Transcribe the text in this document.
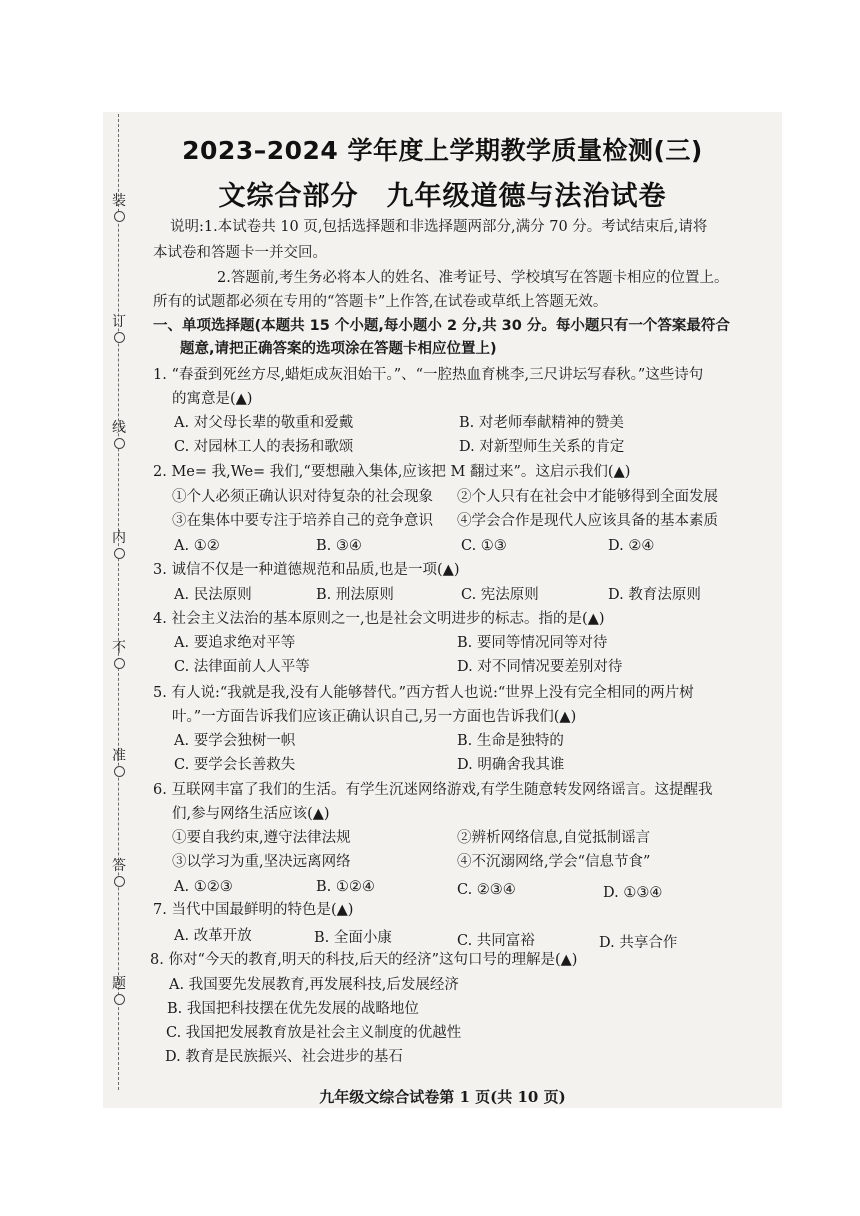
装
订
线
内
不
准
答
题
2023–2024 学年度上学期教学质量检测(三)
文综合部分 九年级道德与法治试卷
说明:1.本试卷共 10 页,包括选择题和非选择题两部分,满分 70 分。考试结束后,请将
本试卷和答题卡一并交回。
2.答题前,考生务必将本人的姓名、准考证号、学校填写在答题卡相应的位置上。
所有的试题都必须在专用的“答题卡”上作答,在试卷或草纸上答题无效。
一、单项选择题(本题共 15 个小题,每小题小 2 分,共 30 分。每小题只有一个答案最符合
题意,请把正确答案的选项涂在答题卡相应位置上)
1. “春蚕到死丝方尽,蜡炬成灰泪始干。”、“一腔热血育桃李,三尺讲坛写春秋。”这些诗句
的寓意是(▲)
A. 对父母长辈的敬重和爱戴	B. 对老师奉献精神的赞美
C. 对园林工人的表扬和歌颂	D. 对新型师生关系的肯定
2. Me= 我,We= 我们,“要想融入集体,应该把 M 翻过来”。这启示我们(▲)
①个人必须正确认识对待复杂的社会现象 ②个人只有在社会中才能够得到全面发展
③在集体中要专注于培养自己的竞争意识 ④学会合作是现代人应该具备的基本素质
A. ①②	B. ③④	C. ①③	D. ②④
3. 诚信不仅是一种道德规范和品质,也是一项(▲)
A. 民法原则	B. 刑法原则	C. 宪法原则	D. 教育法原则
4. 社会主义法治的基本原则之一,也是社会文明进步的标志。指的是(▲)
A. 要追求绝对平等	B. 要同等情况同等对待
C. 法律面前人人平等	D. 对不同情况要差别对待
5. 有人说:“我就是我,没有人能够替代。”西方哲人也说:“世界上没有完全相同的两片树
叶。”一方面告诉我们应该正确认识自己,另一方面也告诉我们(▲)
A. 要学会独树一帜	B. 生命是独特的
C. 要学会长善救失	D. 明确舍我其谁
6. 互联网丰富了我们的生活。有学生沉迷网络游戏,有学生随意转发网络谣言。这提醒我
们,参与网络生活应该(▲)
①要自我约束,遵守法律法规	②辨析网络信息,自觉抵制谣言
③以学习为重,坚决远离网络	④不沉溺网络,学会“信息节食”
A. ①②③	B. ①②④	C. ②③④	D. ①③④
7. 当代中国最鲜明的特色是(▲)
A. 改革开放	B. 全面小康	C. 共同富裕	D. 共享合作
8. 你对“今天的教育,明天的科技,后天的经济”这句口号的理解是(▲)
A. 我国要先发展教育,再发展科技,后发展经济
B. 我国把科技摆在优先发展的战略地位
C. 我国把发展教育放是社会主义制度的优越性
D. 教育是民族振兴、社会进步的基石
九年级文综合试卷第 1 页(共 10 页)
